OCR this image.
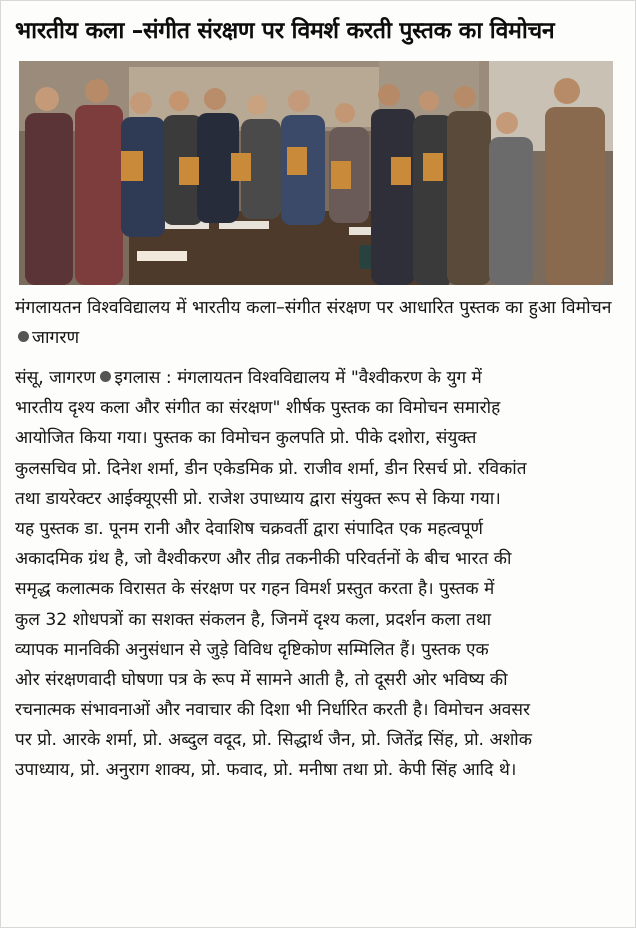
भारतीय कला –संगीत संरक्षण पर विमर्श करती पुस्तक का विमोचन
मंगलायतन विश्वविद्यालय में भारतीय कला–संगीत संरक्षण पर आधारित पुस्तक का हुआ विमोचनजागरण
संसू, जागरण इगलास : मंगलायतन विश्वविद्यालय में "वैश्वीकरण के युग में
भारतीय दृश्य कला और संगीत का संरक्षण" शीर्षक पुस्तक का विमोचन समारोह
आयोजित किया गया। पुस्तक का विमोचन कुलपति प्रो. पीके दशोरा, संयुक्त
कुलसचिव प्रो. दिनेश शर्मा, डीन एकेडमिक प्रो. राजीव शर्मा, डीन रिसर्च प्रो. रविकांत
तथा डायरेक्टर आईक्यूएसी प्रो. राजेश उपाध्याय द्वारा संयुक्त रूप से किया गया।
यह पुस्तक डा. पूनम रानी और देवाशिष चक्रवर्ती द्वारा संपादित एक महत्वपूर्ण
अकादमिक ग्रंथ है, जो वैश्वीकरण और तीव्र तकनीकी परिवर्तनों के बीच भारत की
समृद्ध कलात्मक विरासत के संरक्षण पर गहन विमर्श प्रस्तुत करता है। पुस्तक में
कुल 32 शोधपत्रों का सशक्त संकलन है, जिनमें दृश्य कला, प्रदर्शन कला तथा
व्यापक मानविकी अनुसंधान से जुड़े विविध दृष्टिकोण सम्मिलित हैं। पुस्तक एक
ओर संरक्षणवादी घोषणा पत्र के रूप में सामने आती है, तो दूसरी ओर भविष्य की
रचनात्मक संभावनाओं और नवाचार की दिशा भी निर्धारित करती है। विमोचन अवसर
पर प्रो. आरके शर्मा, प्रो. अब्दुल वदूद, प्रो. सिद्धार्थ जैन, प्रो. जितेंद्र सिंह, प्रो. अशोक
उपाध्याय, प्रो. अनुराग शाक्य, प्रो. फवाद, प्रो. मनीषा तथा प्रो. केपी सिंह आदि थे।
